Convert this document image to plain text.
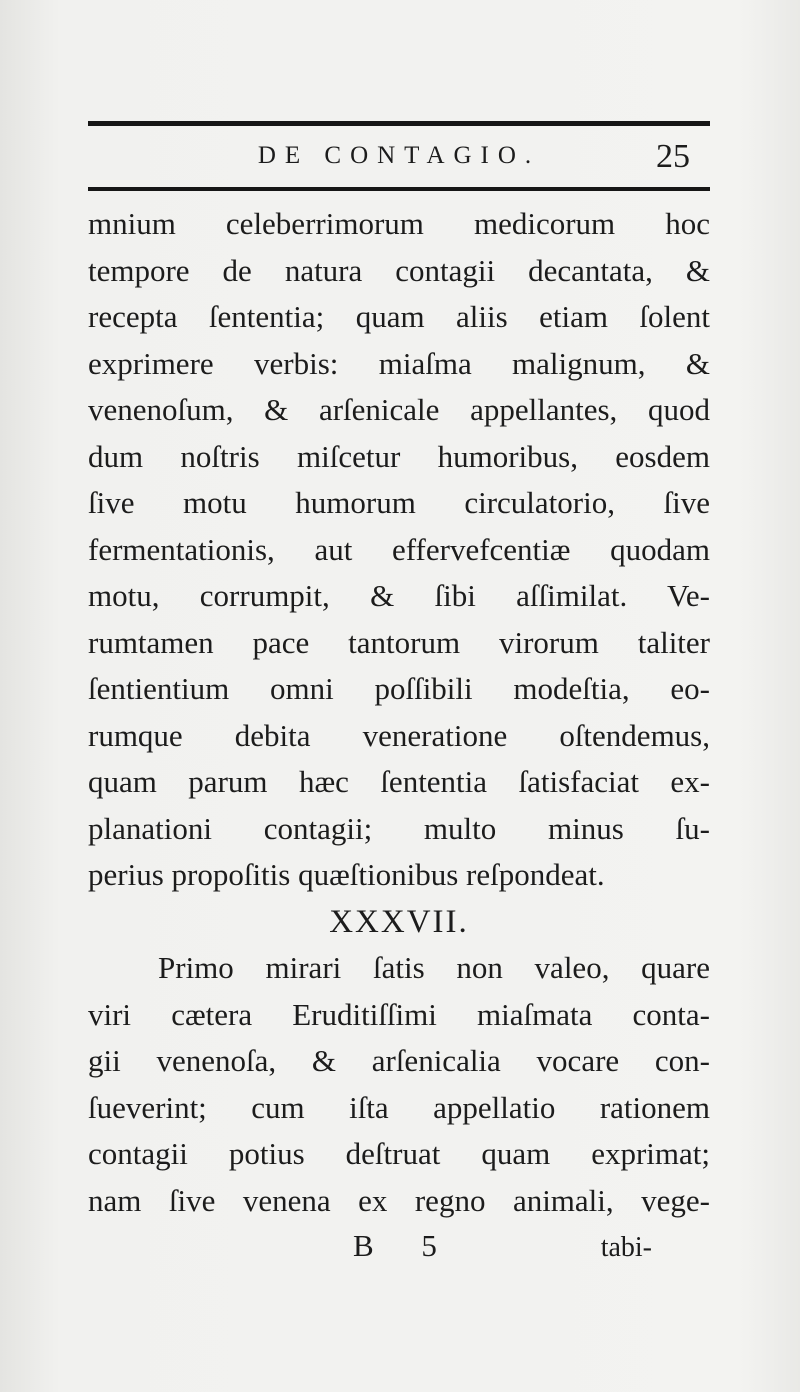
DE CONTAGIO.	25
mnium celeberrimorum medicorum hoc
tempore de natura contagii decantata, &
recepta ſententia; quam aliis etiam ſolent
exprimere verbis: miaſma malignum, &
venenoſum, & arſenicale appellantes, quod
dum noſtris miſcetur humoribus, eosdem
ſive motu humorum circulatorio, ſive
fermentationis, aut effervefcentiæ quodam
motu, corrumpit, & ſibi aſſimilat. Ve-
rumtamen pace tantorum virorum taliter
ſentientium omni poſſibili modeſtia, eo-
rumque debita veneratione oſtendemus,
quam parum hæc ſententia ſatisfaciat ex-
planationi contagii; multo minus ſu-
perius propoſitis quæſtionibus reſpondeat.
XXXVII.
Primo mirari ſatis non valeo, quare
viri cætera Eruditiſſimi miaſmata conta-
gii venenoſa, & arſenicalia vocare con-
ſueverint; cum iſta appellatio rationem
contagii potius deſtruat quam exprimat;
nam ſive venena ex regno animali, vege-
B 5	tabi-
